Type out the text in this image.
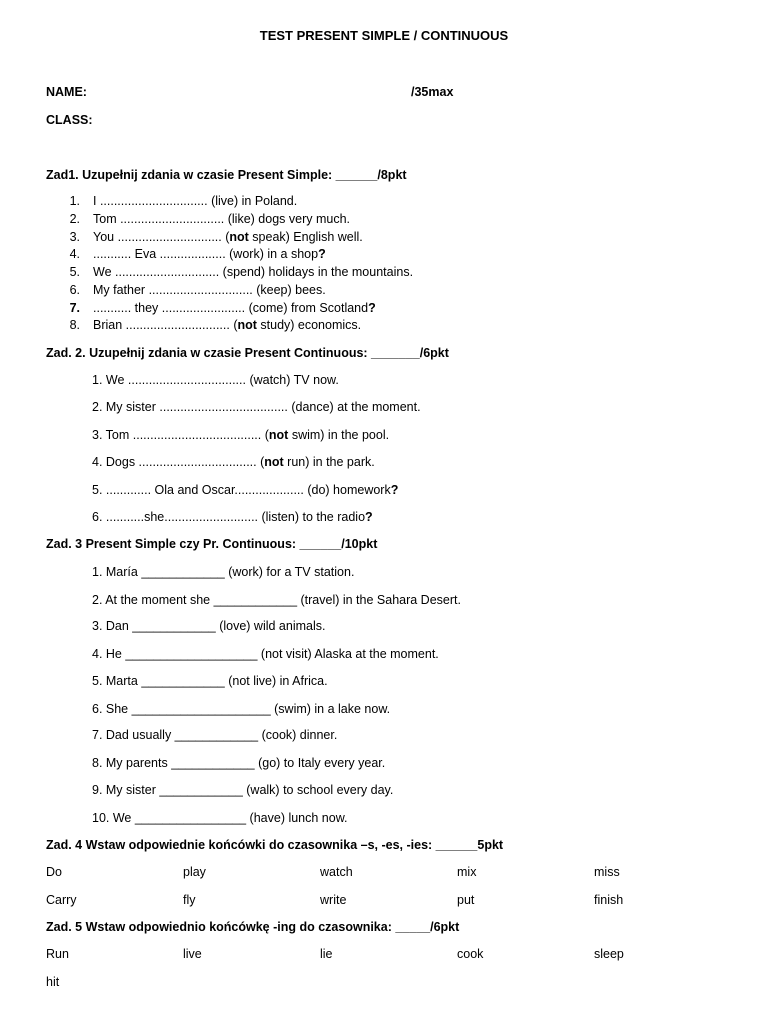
TEST PRESENT SIMPLE / CONTINUOUS
NAME:	/35max
CLASS:
Zad1. Uzupełnij zdania w czasie Present Simple: ______/8pkt
1. I ............................... (live) in Poland.
2. Tom .............................. (like) dogs very much.
3. You .............................. (not speak) English well.
4. ........... Eva ................... (work) in a shop?
5. We .............................. (spend) holidays in the mountains.
6. My father .............................. (keep) bees.
7. ........... they ........................ (come) from Scotland?
8. Brian .............................. (not study) economics.
Zad. 2. Uzupełnij zdania w czasie Present Continuous: _______/6pkt
1. We .................................. (watch) TV now.
2. My sister ..................................... (dance) at the moment.
3. Tom ..................................... (not swim) in the pool.
4. Dogs .................................. (not run) in the park.
5. ............. Ola and Oscar.................... (do) homework?
6. ...........she........................... (listen) to the radio?
Zad. 3 Present Simple czy Pr. Continuous: ______/10pkt
1. María ____________ (work) for a TV station.
2. At the moment she ____________ (travel) in the Sahara Desert.
3. Dan ____________ (love) wild animals.
4. He ___________________ (not visit) Alaska at the moment.
5. Marta ____________ (not live) in Africa.
6. She ____________________ (swim) in a lake now.
7. Dad usually ____________ (cook) dinner.
8. My parents ____________ (go) to Italy every year.
9. My sister ____________ (walk) to school every day.
10. We ________________ (have) lunch now.
Zad. 4 Wstaw odpowiednie końcówki do czasownika –s, -es, -ies: ______5pkt
Do	play	watch	mix	miss
Carry	fly	write	put	finish
Zad. 5 Wstaw odpowiednio końcówkę -ing do czasownika: _____/6pkt
Run	live	lie	cook	sleep
hit
